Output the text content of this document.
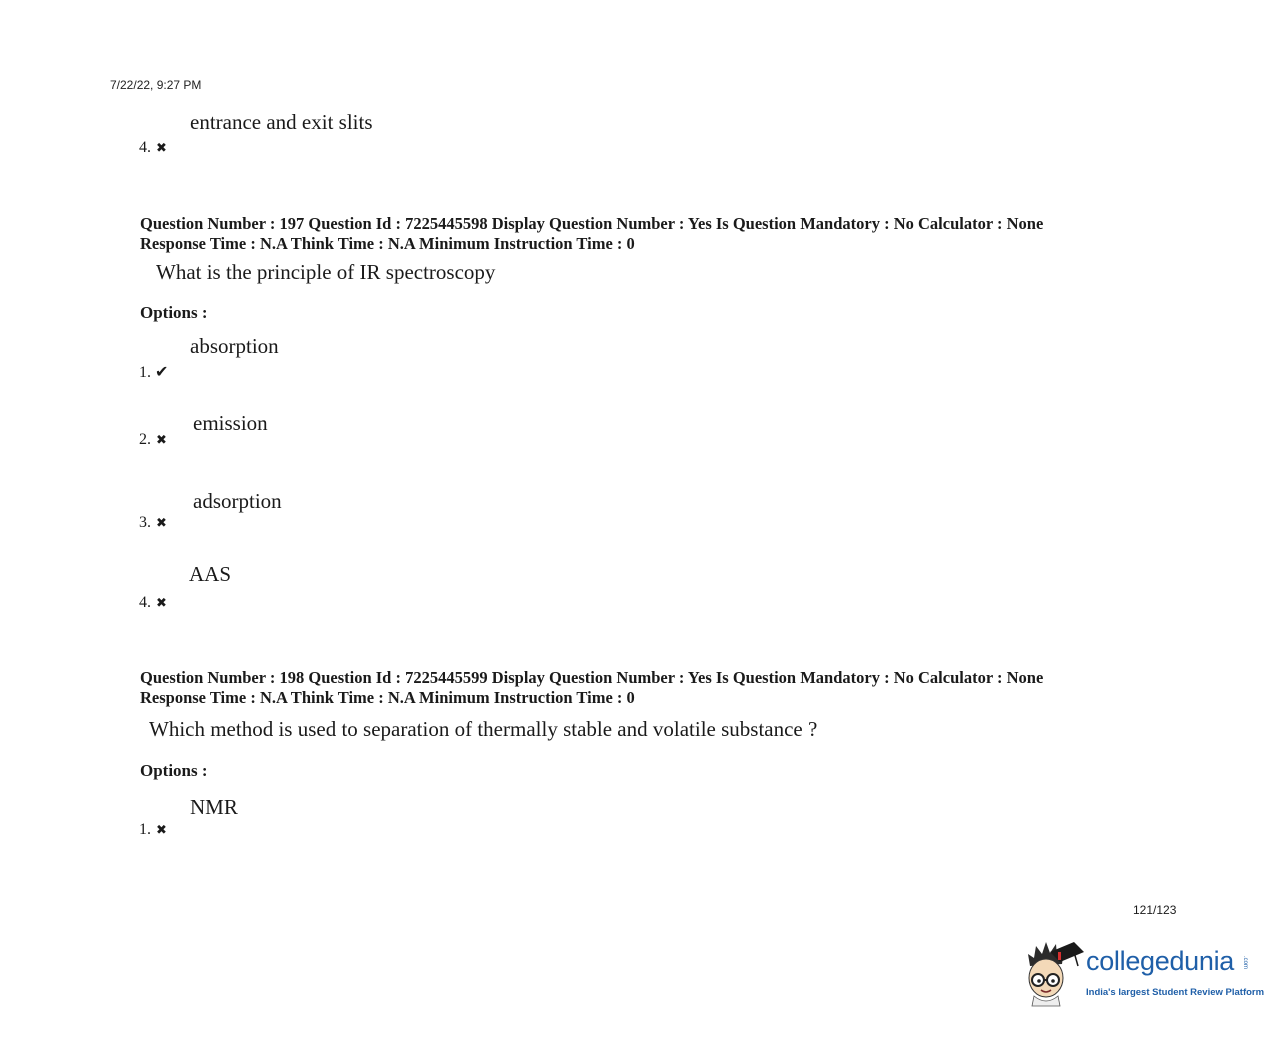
7/22/22, 9:27 PM
entrance and exit slits
4. ✖
Question Number : 197 Question Id : 7225445598 Display Question Number : Yes Is Question Mandatory : No Calculator : None
Response Time : N.A Think Time : N.A Minimum Instruction Time : 0
What is the principle of IR spectroscopy
Options :
absorption
1. ✔
emission
2. ✖
adsorption
3. ✖
AAS
4. ✖
Question Number : 198 Question Id : 7225445599 Display Question Number : Yes Is Question Mandatory : No Calculator : None
Response Time : N.A Think Time : N.A Minimum Instruction Time : 0
Which method is used to separation of thermally stable and volatile substance ?
Options :
NMR
1. ✖
121/123
collegedunia .com
India's largest Student Review Platform
